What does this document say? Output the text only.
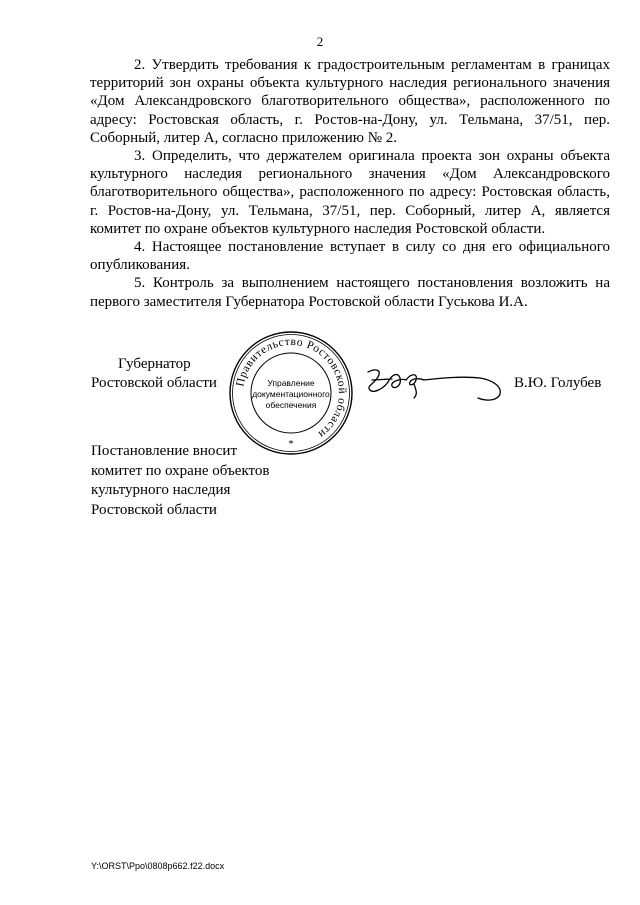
2

2. Утвердить требования к градостроительным регламентам в границах территорий зон охраны объекта культурного наследия регионального значения «Дом Александровского благотворительного общества», расположенного по адресу: Ростовская область, г. Ростов-на-Дону, ул. Тельмана, 37/51, пер. Соборный, литер А, согласно приложению № 2.

3. Определить, что держателем оригинала проекта зон охраны объекта культурного наследия регионального значения «Дом Александровского благотворительного общества», расположенного по адресу: Ростовская область, г. Ростов-на-Дону, ул. Тельмана, 37/51, пер. Соборный, литер А, является комитет по охране объектов культурного наследия Ростовской области.

4. Настоящее постановление вступает в силу со дня его официального опубликования.

5. Контроль за выполнением настоящего постановления возложить на первого заместителя Губернатора Ростовской области Гуськова И.А.

Губернатор
Ростовской области Правительство Ростовской области
Управление
документационного
обеспечения
*
В.Ю. Голубев
Постановление вносит
комитет по охране объектов
культурного наследия
Ростовской области
Y:\ORST\Ppo\0808p662.f22.docx
